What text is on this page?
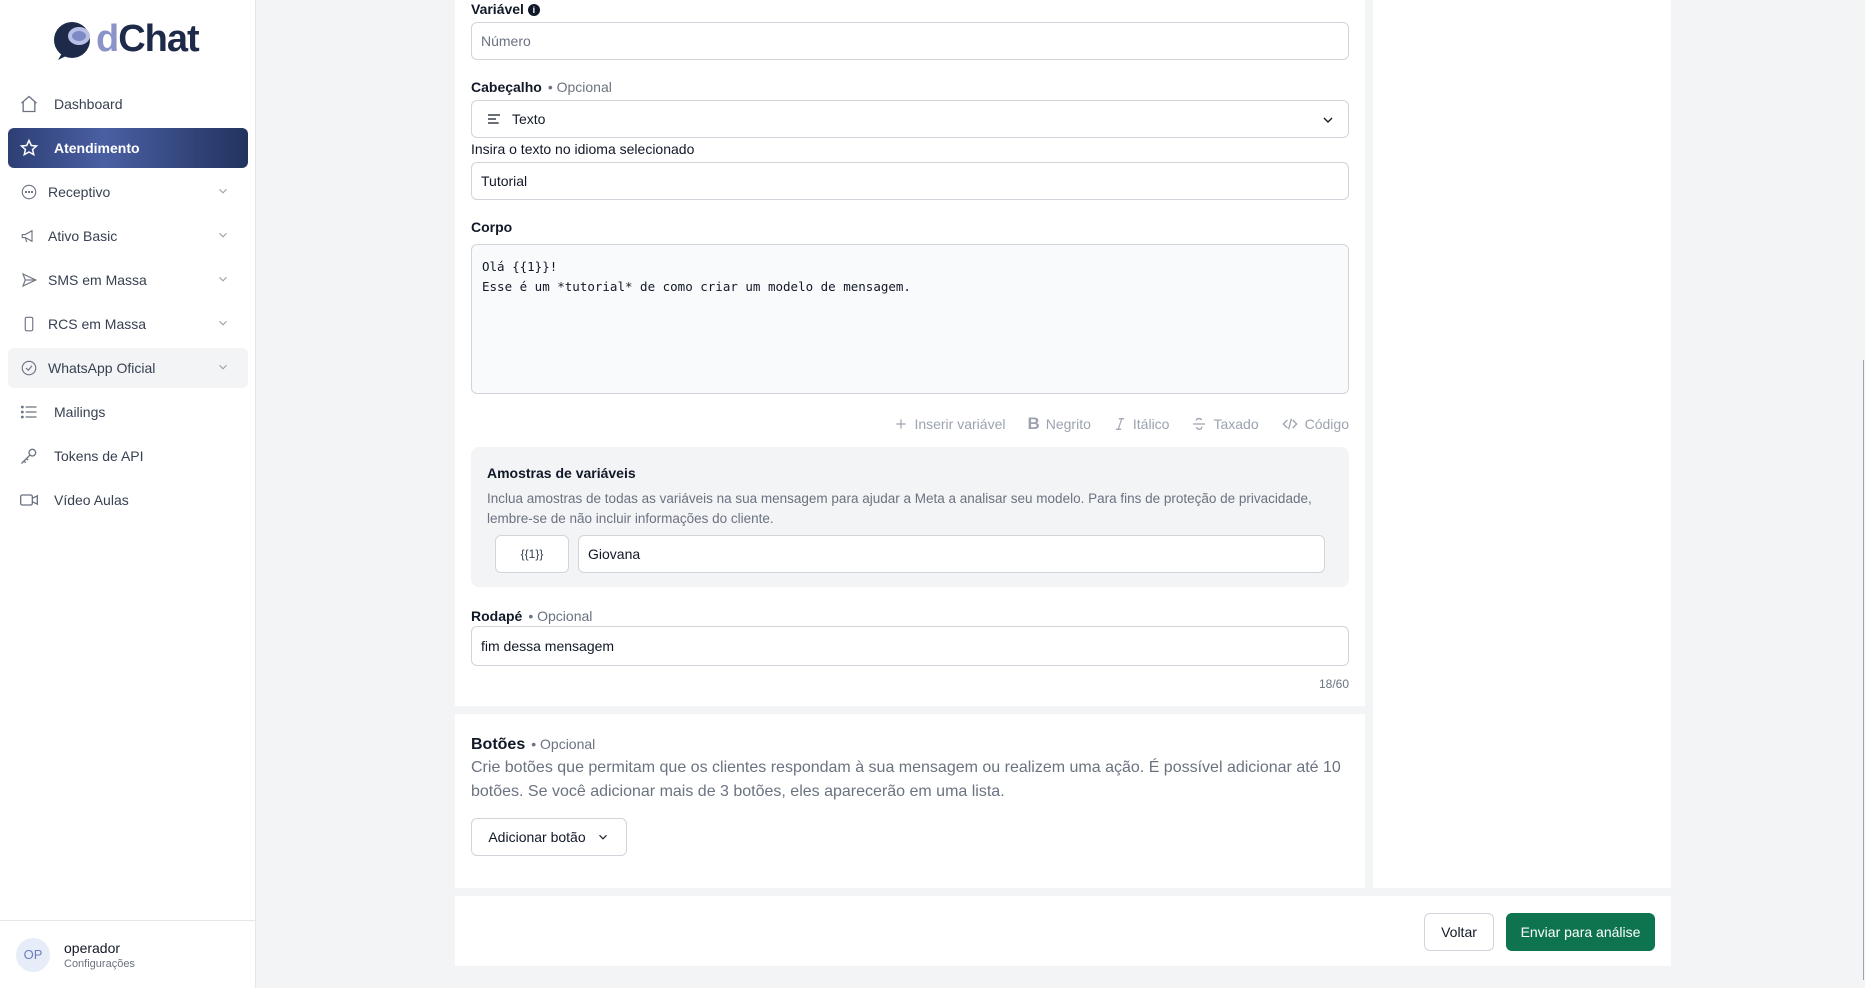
dChat
Dashboard
Atendimento
Receptivo
Ativo Basic
SMS em Massa
RCS em Massa
WhatsApp Oficial
Mailings
Tokens de API
Vídeo Aulas
OP	operador
Configurações
Variável i
Número
Cabeçalho • Opcional
Texto
Insira o texto no idioma selecionado
Tutorial
Corpo
Olá {{1}}!
Esse é um *tutorial* de como criar um modelo de mensagem.
Inserir variável B Negrito	Itálico	Taxado	Código
Amostras de variáveis
Inclua amostras de todas as variáveis na sua mensagem para ajudar a Meta a analisar seu modelo. Para fins de proteção de privacidade, lembre-se de não incluir informações do cliente.
{{1}}	Giovana
Rodapé • Opcional
fim dessa mensagem
18/60
Botões • Opcional
Crie botões que permitam que os clientes respondam à sua mensagem ou realizem uma ação. É possível adicionar até 10 botões. Se você adicionar mais de 3 botões, eles aparecerão em uma lista.
Adicionar botão
Voltar	Enviar para análise
